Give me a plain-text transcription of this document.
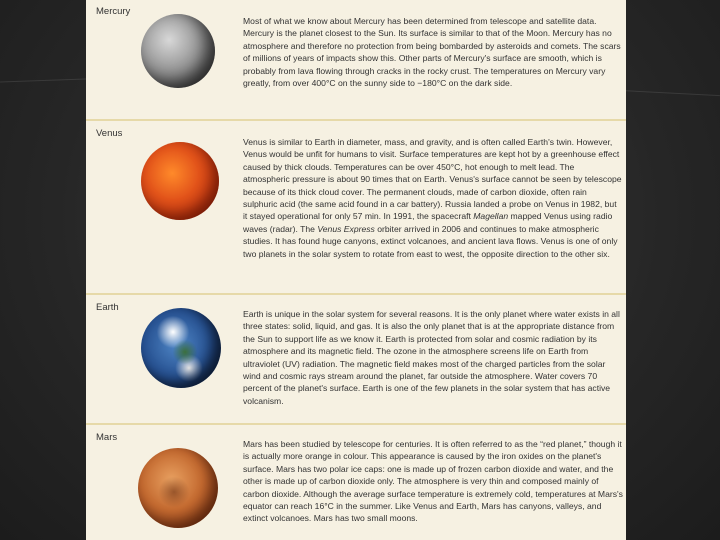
Mercury
Most of what we know about Mercury has been determined from telescope and satellite data. Mercury is the planet closest to the Sun. Its surface is similar to that of the Moon. Mercury has no atmosphere and therefore no protection from being bombarded by asteroids and comets. The scars of millions of years of impacts show this. Other parts of Mercury's surface are smooth, which is probably from lava flowing through cracks in the rocky crust. The temperatures on Mercury vary greatly, from over 400°C on the sunny side to −180°C on the dark side.
Venus
Venus is similar to Earth in diameter, mass, and gravity, and is often called Earth's twin. However, Venus would be unfit for humans to visit. Surface temperatures are kept hot by a greenhouse effect caused by thick clouds. Temperatures can be over 450°C, hot enough to melt lead. The atmospheric pressure is about 90 times that on Earth. Venus's surface cannot be seen by telescope because of its thick cloud cover. The permanent clouds, made of carbon dioxide, often rain sulphuric acid (the same acid found in a car battery). Russia landed a probe on Venus in 1982, but it stayed operational for only 57 min. In 1991, the spacecraft Magellan mapped Venus using radio waves (radar). The Venus Express orbiter arrived in 2006 and continues to make atmospheric studies. It has found huge canyons, extinct volcanoes, and ancient lava flows. Venus is one of only two planets in the solar system to rotate from east to west, the opposite direction to the other six.
Earth
Earth is unique in the solar system for several reasons. It is the only planet where water exists in all three states: solid, liquid, and gas. It is also the only planet that is at the appropriate distance from the Sun to support life as we know it. Earth is protected from solar and cosmic radiation by its atmosphere and its magnetic field. The ozone in the atmosphere screens life on Earth from ultraviolet (UV) radiation. The magnetic field makes most of the charged particles from the solar wind and cosmic rays stream around the planet, far outside the atmosphere. Water covers 70 percent of the planet's surface. Earth is one of the few planets in the solar system that has active volcanism.
Mars
Mars has been studied by telescope for centuries. It is often referred to as the “red planet,” though it is actually more orange in colour. This appearance is caused by the iron oxides on the planet's surface. Mars has two polar ice caps: one is made up of frozen carbon dioxide and water, and the other is made up of carbon dioxide only. The atmosphere is very thin and composed mainly of carbon dioxide. Although the average surface temperature is extremely cold, temperatures at Mars's equator can reach 16°C in the summer. Like Venus and Earth, Mars has canyons, valleys, and extinct volcanoes. Mars has two small moons.
